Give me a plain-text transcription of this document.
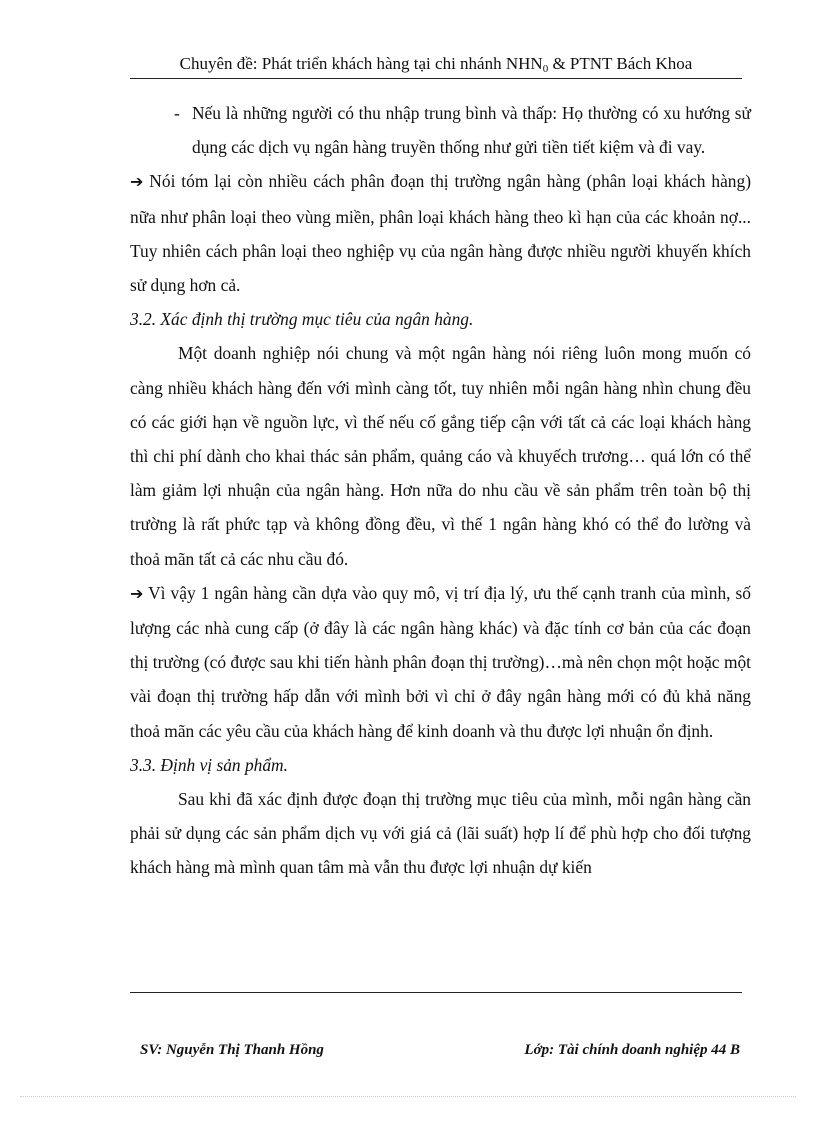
Chuyên đề: Phát triển khách hàng tại chi nhánh $NHN_0$ & PTNT Bách Khoa
- Nếu là những người có thu nhập trung bình và thấp: Họ thường có xu hướng sử dụng các dịch vụ ngân hàng truyền thống như gửi tiền tiết kiệm và đi vay.

➔ Nói tóm lại còn nhiều cách phân đoạn thị trường ngân hàng (phân loại khách hàng) nữa như phân loại theo vùng miền, phân loại khách hàng theo kì hạn của các khoản nợ... Tuy nhiên cách phân loại theo nghiệp vụ của ngân hàng được nhiều người khuyến khích sử dụng hơn cả.

3.2. Xác định thị trường mục tiêu của ngân hàng.

Một doanh nghiệp nói chung và một ngân hàng nói riêng luôn mong muốn có càng nhiều khách hàng đến với mình càng tốt, tuy nhiên mỗi ngân hàng nhìn chung đều có các giới hạn về nguồn lực, vì thế nếu cố gắng tiếp cận với tất cả các loại khách hàng thì chi phí dành cho khai thác sản phẩm, quảng cáo và khuyếch trương… quá lớn có thể làm giảm lợi nhuận của ngân hàng. Hơn nữa do nhu cầu về sản phẩm trên toàn bộ thị trường là rất phức tạp và không đồng đều, vì thế 1 ngân hàng khó có thể đo lường và thoả mãn tất cả các nhu cầu đó.

➔ Vì vậy 1 ngân hàng cần dựa vào quy mô, vị trí địa lý, ưu thế cạnh tranh của mình, số lượng các nhà cung cấp (ở đây là các ngân hàng khác) và đặc tính cơ bản của các đoạn thị trường (có được sau khi tiến hành phân đoạn thị trường)…mà nên chọn một hoặc một vài đoạn thị trường hấp dẫn với mình bởi vì chỉ ở đây ngân hàng mới có đủ khả năng thoả mãn các yêu cầu của khách hàng để kinh doanh và thu được lợi nhuận ổn định.

3.3. Định vị sản phẩm.

Sau khi đã xác định được đoạn thị trường mục tiêu của mình, mỗi ngân hàng cần phải sử dụng các sản phẩm dịch vụ với giá cả (lãi suất) hợp lí để phù hợp cho đối tượng khách hàng mà mình quan tâm mà vẫn thu được lợi nhuận dự kiến

SV: Nguyễn Thị Thanh Hồng	Lớp: Tài chính doanh nghiệp 44 B
